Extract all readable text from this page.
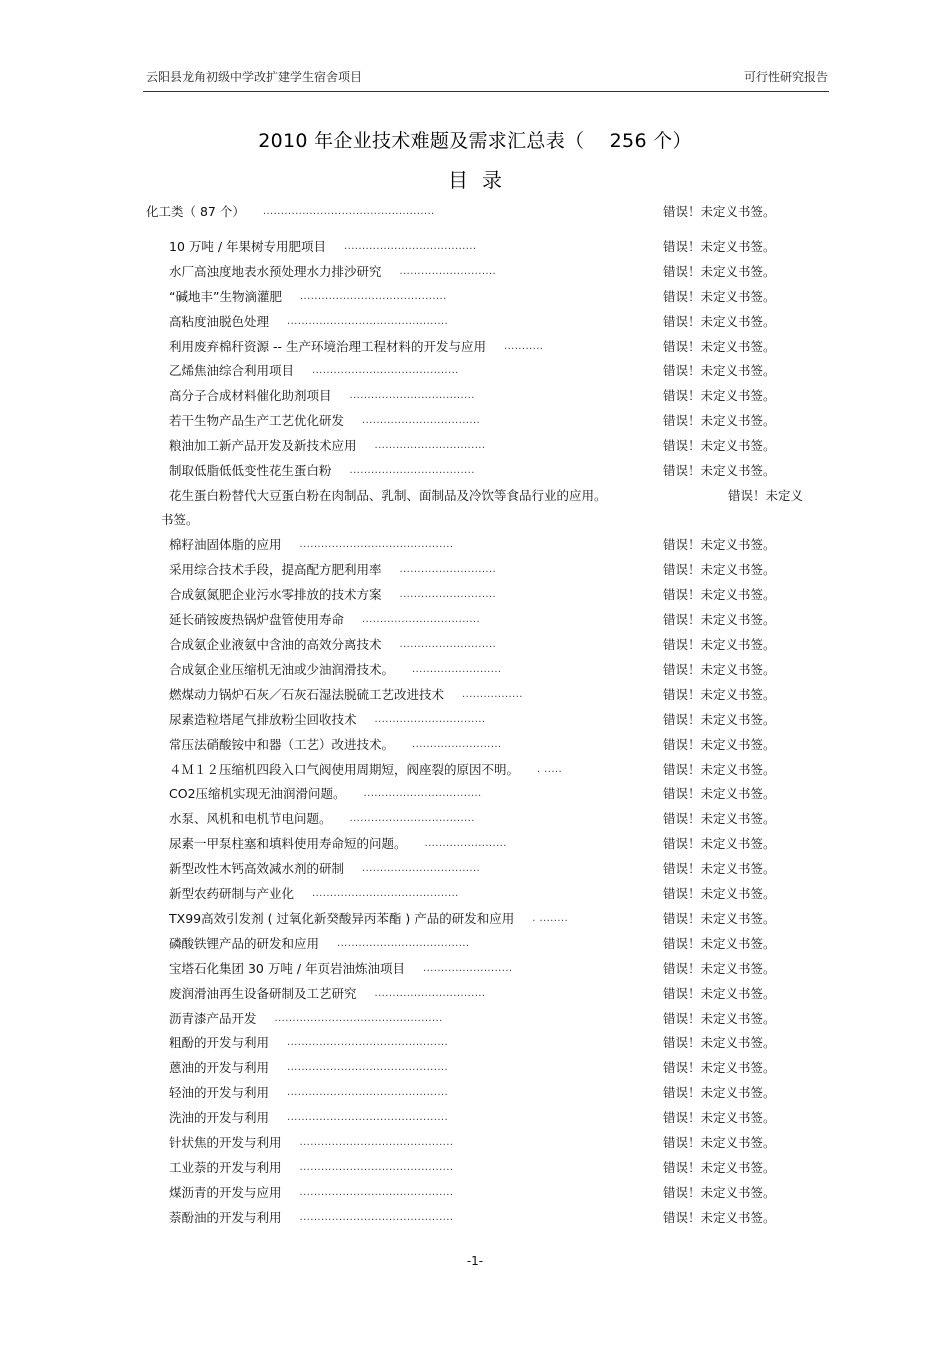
云阳县龙角初级中学改扩建学生宿舍项目	可行性研究报告
2010 年企业技术难题及需求汇总表（    256 个）
目录
化工类（ 87 个） ................................................	错误！未定义书签。
10 万吨 / 年果树专用肥项目 .....................................	错误！未定义书签。
水厂高浊度地表水预处理水力排沙研究 ...........................	错误！未定义书签。
“碱地丰”生物滴灌肥 .........................................	错误！未定义书签。
高粘度油脱色处理 .............................................	错误！未定义书签。
利用废弃棉秆资源 -- 生产环境治理工程材料的开发与应用 ...........	错误！未定义书签。
乙烯焦油综合利用项目 .........................................	错误！未定义书签。
高分子合成材料催化助剂项目 ...................................	错误！未定义书签。
若干生物产品生产工艺优化研发 .................................	错误！未定义书签。
粮油加工新产品开发及新技术应用 ...............................	错误！未定义书签。
制取低脂低低变性花生蛋白粉 ...................................	错误！未定义书签。
花生蛋白粉替代大豆蛋白粉在肉制品、乳制、面制品及冷饮等食品行业的应用。	错误！未定义
书签。
棉籽油固体脂的应用 ...........................................	错误！未定义书签。
采用综合技术手段，提高配方肥利用率 ...........................	错误！未定义书签。
合成氨氮肥企业污水零排放的技术方案 ...........................	错误！未定义书签。
延长硝铵废热锅炉盘管使用寿命 .................................	错误！未定义书签。
合成氨企业液氨中含油的高效分离技术 ...........................	错误！未定义书签。
合成氨企业压缩机无油或少油润滑技术。 .........................	错误！未定义书签。
燃煤动力锅炉石灰／石灰石湿法脱硫工艺改进技术 .................	错误！未定义书签。
尿素造粒塔尾气排放粉尘回收技术 ...............................	错误！未定义书签。
常压法硝酸铵中和器（工艺）改进技术。 .........................	错误！未定义书签。
４Ｍ１２压缩机四段入口气阀使用周期短，阀座裂的原因不明。 . .....	错误！未定义书签。
CO2压缩机实现无油润滑问题。 .................................	错误！未定义书签。
水泵、风机和电机节电问题。 ...................................	错误！未定义书签。
尿素一甲泵柱塞和填料使用寿命短的问题。 .......................	错误！未定义书签。
新型改性木钙高效减水剂的研制 .................................	错误！未定义书签。
新型农药研制与产业化 .........................................	错误！未定义书签。
TX99高效引发剂 ( 过氧化新癸酸异丙苯酯 ) 产品的研发和应用 . ........	错误！未定义书签。
磷酸铁锂产品的研发和应用 .....................................	错误！未定义书签。
宝塔石化集团 30 万吨 / 年页岩油炼油项目 .........................	错误！未定义书签。
废润滑油再生设备研制及工艺研究 ...............................	错误！未定义书签。
沥青漆产品开发 ...............................................	错误！未定义书签。
粗酚的开发与利用 .............................................	错误！未定义书签。
蒽油的开发与利用 .............................................	错误！未定义书签。
轻油的开发与利用 .............................................	错误！未定义书签。
洗油的开发与利用 .............................................	错误！未定义书签。
针状焦的开发与利用 ...........................................	错误！未定义书签。
工业萘的开发与利用 ...........................................	错误！未定义书签。
煤沥青的开发与应用 ...........................................	错误！未定义书签。
萘酚油的开发与利用 ...........................................	错误！未定义书签。
-1-
